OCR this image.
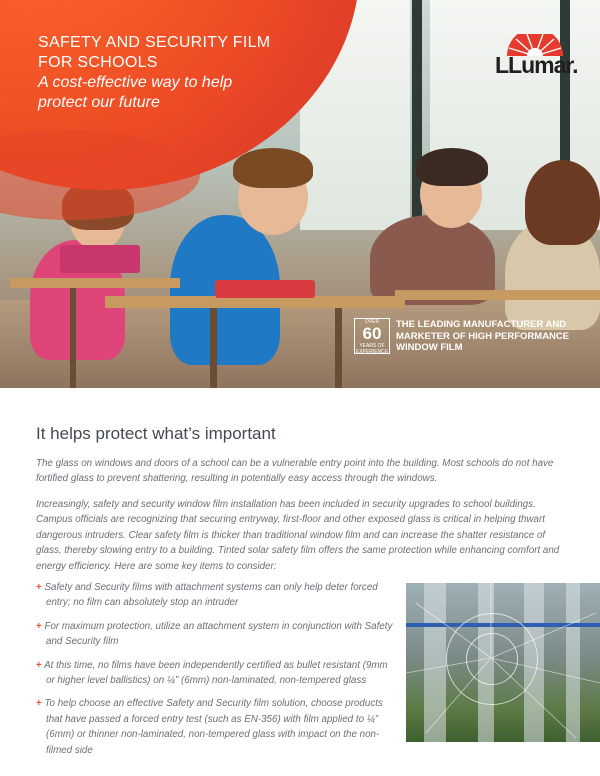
SAFETY AND SECURITY FILM
FOR SCHOOLS
A cost-effective way to help
protect our future
LLumar.
OVER
60
YEARS OF EXPERIENCE
THE LEADING MANUFACTURER AND
MARKETER OF HIGH PERFORMANCE
WINDOW FILM
It helps protect what’s important

The glass on windows and doors of a school can be a vulnerable entry point into the building. Most schools do not have fortified glass to prevent shattering, resulting in potentially easy access through the windows.

Increasingly, safety and security window film installation has been included in security upgrades to school buildings. Campus officials are recognizing that securing entryway, first-floor and other exposed glass is critical in helping thwart dangerous intruders. Clear safety film is thicker than traditional window film and can increase the shatter resistance of glass, thereby slowing entry to a building. Tinted solar safety film offers the same protection while enhancing comfort and energy efficiency. Here are some key items to consider:

+ Safety and Security films with attachment systems can only help deter forced entry; no film can absolutely stop an intruder
+ For maximum protection, utilize an attachment system in conjunction with Safety and Security film
+ At this time, no films have been independently certified as bullet resistant (9mm or higher level ballistics) on ¼” (6mm) non-laminated, non-tempered glass
+ To help choose an effective Safety and Security film solution, choose products that have passed a forced entry test (such as EN-356) with film applied to ¼” (6mm) or thinner non-laminated, non-tempered glass with impact on the non-filmed side
